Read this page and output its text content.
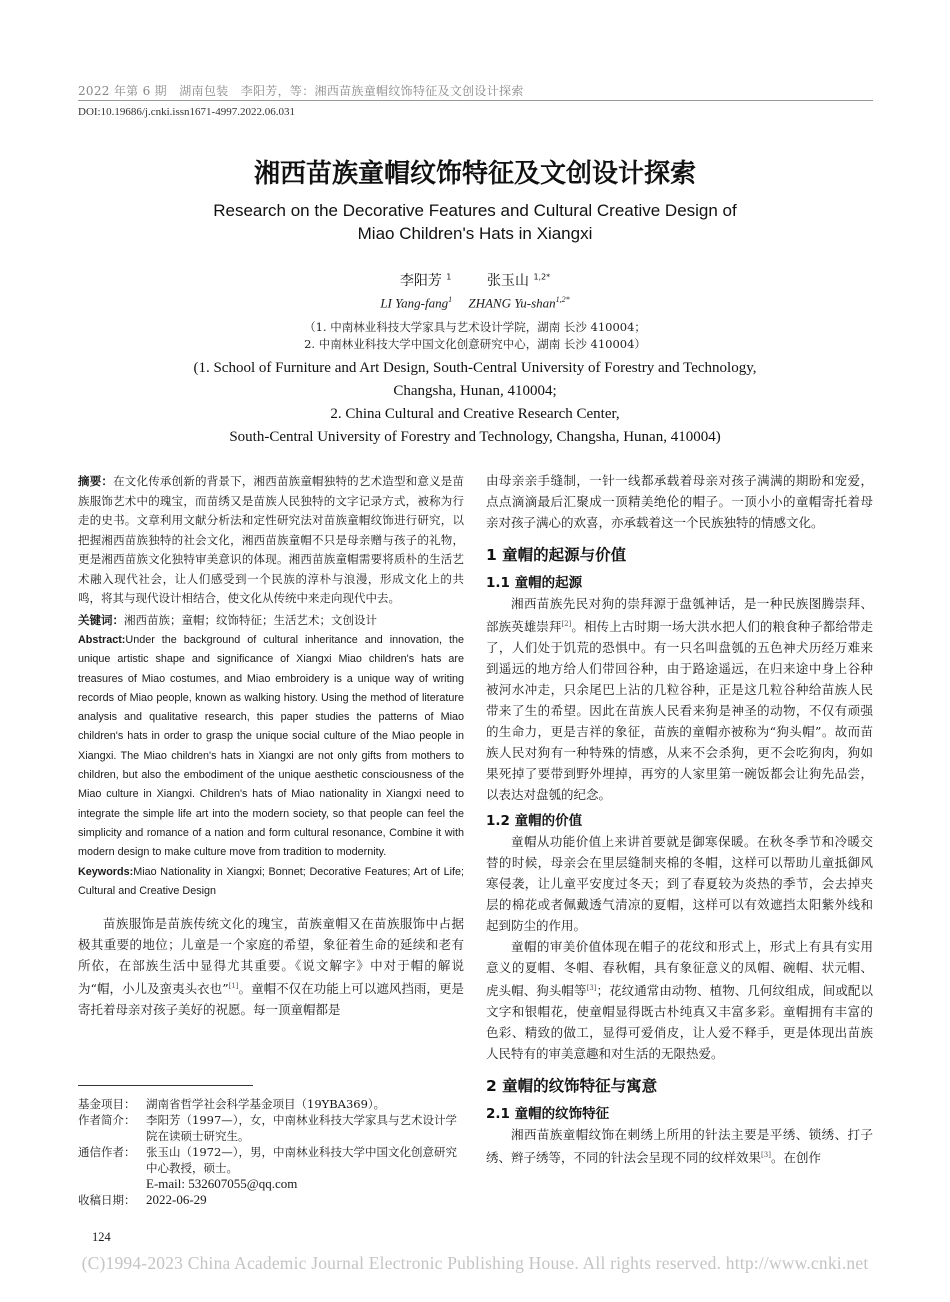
2022 年第 6 期　湖南包装　李阳芳，等：湘西苗族童帽纹饰特征及文创设计探索
DOI:10.19686/j.cnki.issn1671-4997.2022.06.031
湘西苗族童帽纹饰特征及文创设计探索
Research on the Decorative Features and Cultural Creative Design of
Miao Children's Hats in Xiangxi
李阳芳 $^1$	张玉山 $^{1,2*}$
LI Yang-fang$^1$ ZHANG Yu-shan$^{1,2*}$
（1. 中南林业科技大学家具与艺术设计学院，湖南 长沙 410004；
2. 中南林业科技大学中国文化创意研究中心，湖南 长沙 410004）
(1. School of Furniture and Art Design, South-Central University of Forestry and Technology,
Changsha, Hunan, 410004;
2. China Cultural and Creative Research Center,
South-Central University of Forestry and Technology, Changsha, Hunan, 410004)

摘要：在文化传承创新的背景下，湘西苗族童帽独特的艺术造型和意义是苗族服饰艺术中的瑰宝，而苗绣又是苗族人民独特的文字记录方式，被称为行走的史书。文章利用文献分析法和定性研究法对苗族童帽纹饰进行研究，以把握湘西苗族独特的社会文化，湘西苗族童帽不只是母亲赠与孩子的礼物，更是湘西苗族文化独特审美意识的体现。湘西苗族童帽需要将质朴的生活艺术融入现代社会，让人们感受到一个民族的淳朴与浪漫，形成文化上的共鸣，将其与现代设计相结合，使文化从传统中来走向现代中去。

关键词：湘西苗族；童帽；纹饰特征；生活艺术；文创设计

Abstract:Under the background of cultural inheritance and innovation, the unique artistic shape and significance of Xiangxi Miao children's hats are treasures of Miao costumes, and Miao embroidery is a unique way of writing records of Miao people, known as walking history. Using the method of literature analysis and qualitative research, this paper studies the patterns of Miao children's hats in order to grasp the unique social culture of the Miao people in Xiangxi. The Miao children's hats in Xiangxi are not only gifts from mothers to children, but also the embodiment of the unique aesthetic consciousness of the Miao culture in Xiangxi. Children's hats of Miao nationality in Xiangxi need to integrate the simple life art into the modern society, so that people can feel the simplicity and romance of a nation and form cultural resonance, Combine it with modern design to make culture move from tradition to modernity.

Keywords:Miao Nationality in Xiangxi; Bonnet; Decorative Features; Art of Life; Cultural and Creative Design

苗族服饰是苗族传统文化的瑰宝，苗族童帽又在苗族服饰中占据极其重要的地位；儿童是一个家庭的希望，象征着生命的延续和老有所依，在部族生活中显得尤其重要。《说文解字》中对于帽的解说为“帽，小儿及蛮夷头衣也”[1]。童帽不仅在功能上可以遮风挡雨，更是寄托着母亲对孩子美好的祝愿。每一顶童帽都是

基金项目： 湖南省哲学社会科学基金项目（19YBA369）。
作者简介： 李阳芳（1997—），女，中南林业科技大学家具与艺术设计学院在读硕士研究生。
通信作者： 张玉山（1972—），男，中南林业科技大学中国文化创意研究中心教授，硕士。
E-mail: 532607055@qq.com
收稿日期： 2022-06-29

由母亲亲手缝制，一针一线都承载着母亲对孩子满满的期盼和宠爱，点点滴滴最后汇聚成一顶精美绝伦的帽子。一顶小小的童帽寄托着母亲对孩子满心的欢喜，亦承载着这一个民族独特的情感文化。

1 童帽的起源与价值
1.1 童帽的起源

湘西苗族先民对狗的崇拜源于盘瓠神话，是一种民族图腾崇拜、部族英雄崇拜[2]。相传上古时期一场大洪水把人们的粮食种子都给带走了，人们处于饥荒的恐惧中。有一只名叫盘瓠的五色神犬历经万难来到遥远的地方给人们带回谷种，由于路途遥远，在归来途中身上谷种被河水冲走，只余尾巴上沾的几粒谷种，正是这几粒谷种给苗族人民带来了生的希望。因此在苗族人民看来狗是神圣的动物，不仅有顽强的生命力，更是吉祥的象征，苗族的童帽亦被称为“狗头帽”。故而苗族人民对狗有一种特殊的情感，从来不会杀狗，更不会吃狗肉，狗如果死掉了要带到野外埋掉，再穷的人家里第一碗饭都会让狗先品尝，以表达对盘瓠的纪念。

1.2 童帽的价值

童帽从功能价值上来讲首要就是御寒保暖。在秋冬季节和冷暖交替的时候，母亲会在里层缝制夹棉的冬帽，这样可以帮助儿童抵御风寒侵袭，让儿童平安度过冬天；到了春夏较为炎热的季节，会去掉夹层的棉花或者佩戴透气清凉的夏帽，这样可以有效遮挡太阳紫外线和起到防尘的作用。

童帽的审美价值体现在帽子的花纹和形式上，形式上有具有实用意义的夏帽、冬帽、春秋帽，具有象征意义的凤帽、碗帽、状元帽、虎头帽、狗头帽等[3]；花纹通常由动物、植物、几何纹组成，间或配以文字和银帽花，使童帽显得既古朴纯真又丰富多彩。童帽拥有丰富的色彩、精致的做工，显得可爱俏皮，让人爱不释手，更是体现出苗族人民特有的审美意趣和对生活的无限热爱。

2 童帽的纹饰特征与寓意
2.1 童帽的纹饰特征

湘西苗族童帽纹饰在刺绣上所用的针法主要是平绣、锁绣、打子绣、辫子绣等，不同的针法会呈现不同的纹样效果[3]。在创作

124
(C)1994-2023 China Academic Journal Electronic Publishing House. All rights reserved. http://www.cnki.net
